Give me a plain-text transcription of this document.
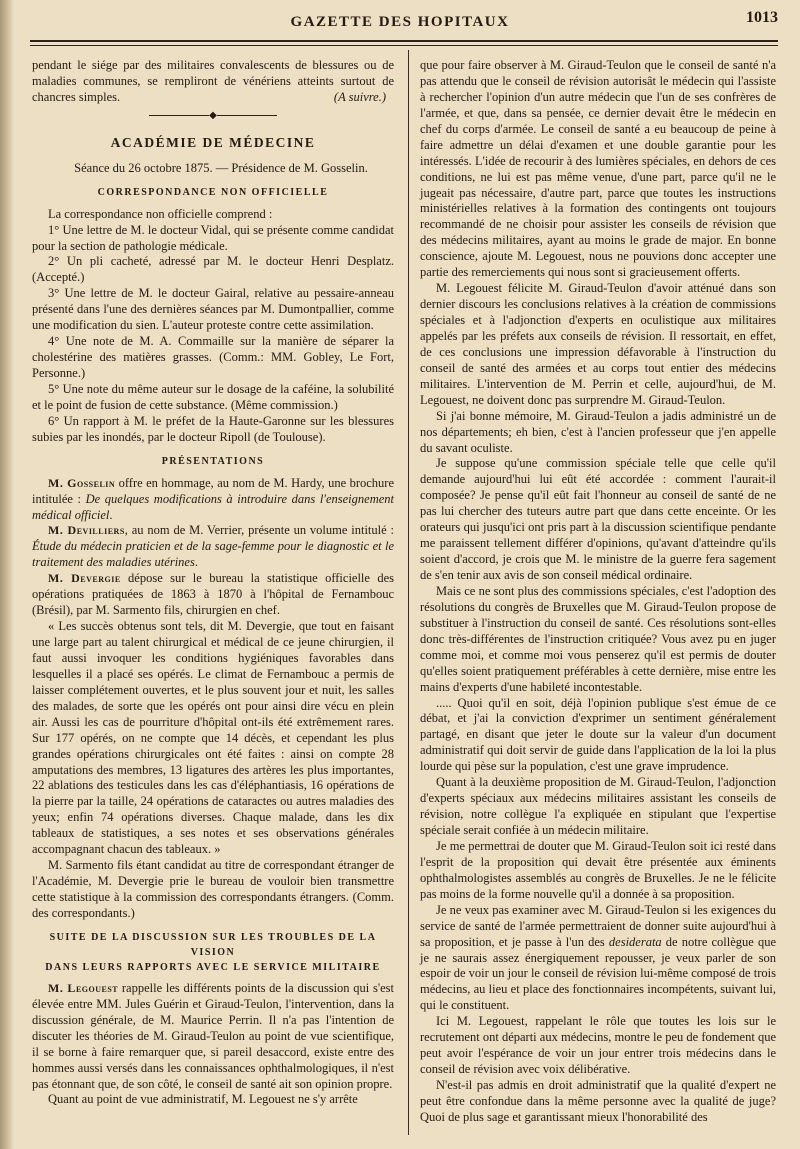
GAZETTE DES HOPITAUX	1013

pendant le siége par des militaires convalescents de blessures ou de maladies communes, se rempliront de vénériens atteints surtout de chancres simples.	(A suivre.)

◆
ACADÉMIE DE MÉDECINE

Séance du 26 octobre 1875. — Présidence de M. Gosselin.

CORRESPONDANCE NON OFFICIELLE

La correspondance non officielle comprend :

1° Une lettre de M. le docteur Vidal, qui se présente comme candidat pour la section de pathologie médicale.

2° Un pli cacheté, adressé par M. le docteur Henri Desplatz. (Accepté.)

3° Une lettre de M. le docteur Gairal, relative au pessaire-anneau présenté dans l'une des dernières séances par M. Dumontpallier, comme une modification du sien. L'auteur proteste contre cette assimilation.

4° Une note de M. A. Commaille sur la manière de séparer la cholestérine des matières grasses. (Comm.: MM. Gobley, Le Fort, Personne.)

5° Une note du même auteur sur le dosage de la caféine, la solubilité et le point de fusion de cette substance. (Même commission.)

6° Un rapport à M. le préfet de la Haute-Garonne sur les blessures subies par les inondés, par le docteur Ripoll (de Toulouse).

PRÉSENTATIONS

M. Gosselin offre en hommage, au nom de M. Hardy, une brochure intitulée : De quelques modifications à introduire dans l'enseignement médical officiel.

M. Devilliers, au nom de M. Verrier, présente un volume intitulé : Étude du médecin praticien et de la sage-femme pour le diagnostic et le traitement des maladies utérines.

M. Devergie dépose sur le bureau la statistique officielle des opérations pratiquées de 1863 à 1870 à l'hôpital de Fernambouc (Brésil), par M. Sarmento fils, chirurgien en chef.

« Les succès obtenus sont tels, dit M. Devergie, que tout en faisant une large part au talent chirurgical et médical de ce jeune chirurgien, il faut aussi invoquer les conditions hygiéniques favorables dans lesquelles il a placé ses opérés. Le climat de Fernambouc a permis de laisser complétement ouvertes, et le plus souvent jour et nuit, les salles des malades, de sorte que les opérés ont pour ainsi dire vécu en plein air. Aussi les cas de pourriture d'hôpital ont-ils été extrêmement rares. Sur 177 opérés, on ne compte que 14 décès, et cependant les plus grandes opérations chirurgicales ont été faites : ainsi on compte 28 amputations des membres, 13 ligatures des artères les plus importantes, 22 ablations des testicules dans les cas d'éléphantiasis, 16 opérations de la pierre par la taille, 24 opérations de cataractes ou autres maladies des yeux; enfin 74 opérations diverses. Chaque malade, dans les dix tableaux de statistiques, a ses notes et ses observations générales accompagnant chacun des tableaux. »

M. Sarmento fils étant candidat au titre de correspondant étranger de l'Académie, M. Devergie prie le bureau de vouloir bien transmettre cette statistique à la commission des correspondants étrangers. (Comm. des correspondants.)

SUITE DE LA DISCUSSION SUR LES TROUBLES DE LA VISION
DANS LEURS RAPPORTS AVEC LE SERVICE MILITAIRE

M. Legouest rappelle les différents points de la discussion qui s'est élevée entre MM. Jules Guérin et Giraud-Teulon, l'intervention, dans la discussion générale, de M. Maurice Perrin. Il n'a pas l'intention de discuter les théories de M. Giraud-Teulon au point de vue scientifique, il se borne à faire remarquer que, si pareil desaccord, existe entre des hommes aussi versés dans les connaissances ophthalmologiques, il n'est pas étonnant que, de son côté, le conseil de santé ait son opinion propre.

Quant au point de vue administratif, M. Legouest ne s'y arrête

que pour faire observer à M. Giraud-Teulon que le conseil de santé n'a pas attendu que le conseil de révision autorisât le médecin qui l'assiste à rechercher l'opinion d'un autre médecin que l'un de ses confrères de l'armée, et que, dans sa pensée, ce dernier devait être le médecin en chef du corps d'armée. Le conseil de santé a eu beaucoup de peine à faire admettre un délai d'examen et une double garantie pour les intéressés. L'idée de recourir à des lumières spéciales, en dehors de ces conditions, ne lui est pas même venue, d'une part, parce qu'il ne le jugeait pas nécessaire, d'autre part, parce que toutes les instructions ministérielles relatives à la formation des contingents ont toujours recommandé de ne choisir pour assister les conseils de révision que des médecins militaires, ayant au moins le grade de major. En bonne conscience, ajoute M. Legouest, nous ne pouvions donc accepter une partie des remerciements qui nous sont si gracieusement offerts.

M. Legouest félicite M. Giraud-Teulon d'avoir atténué dans son dernier discours les conclusions relatives à la création de commissions spéciales et à l'adjonction d'experts en oculistique aux militaires appelés par les préfets aux conseils de révision. Il ressortait, en effet, de ces conclusions une impression défavorable à l'instruction du conseil de santé des armées et au corps tout entier des médecins militaires. L'intervention de M. Perrin et celle, aujourd'hui, de M. Legouest, ne doivent donc pas surprendre M. Giraud-Teulon.

Si j'ai bonne mémoire, M. Giraud-Teulon a jadis administré un de nos départements; eh bien, c'est à l'ancien professeur que j'en appelle du savant oculiste.

Je suppose qu'une commission spéciale telle que celle qu'il demande aujourd'hui lui eût été accordée : comment l'aurait-il composée? Je pense qu'il eût fait l'honneur au conseil de santé de ne pas lui chercher des tuteurs autre part que dans cette enceinte. Or les orateurs qui jusqu'ici ont pris part à la discussion scientifique pendante me paraissent tellement différer d'opinions, qu'avant d'atteindre qu'ils soient d'accord, je crois que M. le ministre de la guerre fera sagement de s'en tenir aux avis de son conseil médical ordinaire.

Mais ce ne sont plus des commissions spéciales, c'est l'adoption des résolutions du congrès de Bruxelles que M. Giraud-Teulon propose de substituer à l'instruction du conseil de santé. Ces résolutions sont-elles donc très-différentes de l'instruction critiquée? Vous avez pu en juger comme moi, et comme moi vous penserez qu'il est permis de douter qu'elles soient pratiquement préférables à cette dernière, mise entre les mains d'experts d'une habileté incontestable.

..... Quoi qu'il en soit, déjà l'opinion publique s'est émue de ce débat, et j'ai la conviction d'exprimer un sentiment généralement partagé, en disant que jeter le doute sur la valeur d'un document administratif qui doit servir de guide dans l'application de la loi la plus lourde qui pèse sur la population, c'est une grave imprudence.

Quant à la deuxième proposition de M. Giraud-Teulon, l'adjonction d'experts spéciaux aux médecins militaires assistant les conseils de révision, notre collègue l'a expliquée en stipulant que l'expertise spéciale serait confiée à un médecin militaire.

Je me permettrai de douter que M. Giraud-Teulon soit ici resté dans l'esprit de la proposition qui devait être présentée aux éminents ophthalmologistes assemblés au congrès de Bruxelles. Je ne le félicite pas moins de la forme nouvelle qu'il a donnée à sa proposition.

Je ne veux pas examiner avec M. Giraud-Teulon si les exigences du service de santé de l'armée permettraient de donner suite aujourd'hui à sa proposition, et je passe à l'un des desiderata de notre collègue que je ne saurais assez énergiquement repousser, je veux parler de son espoir de voir un jour le conseil de révision lui-même composé de trois médecins, au lieu et place des fonctionnaires incompétents, suivant lui, qui le constituent.

Ici M. Legouest, rappelant le rôle que toutes les lois sur le recrutement ont départi aux médecins, montre le peu de fondement que peut avoir l'espérance de voir un jour entrer trois médecins dans le conseil de révision avec voix délibérative.

N'est-il pas admis en droit administratif que la qualité d'expert ne peut être confondue dans la même personne avec la qualité de juge? Quoi de plus sage et garantissant mieux l'honorabilité des
